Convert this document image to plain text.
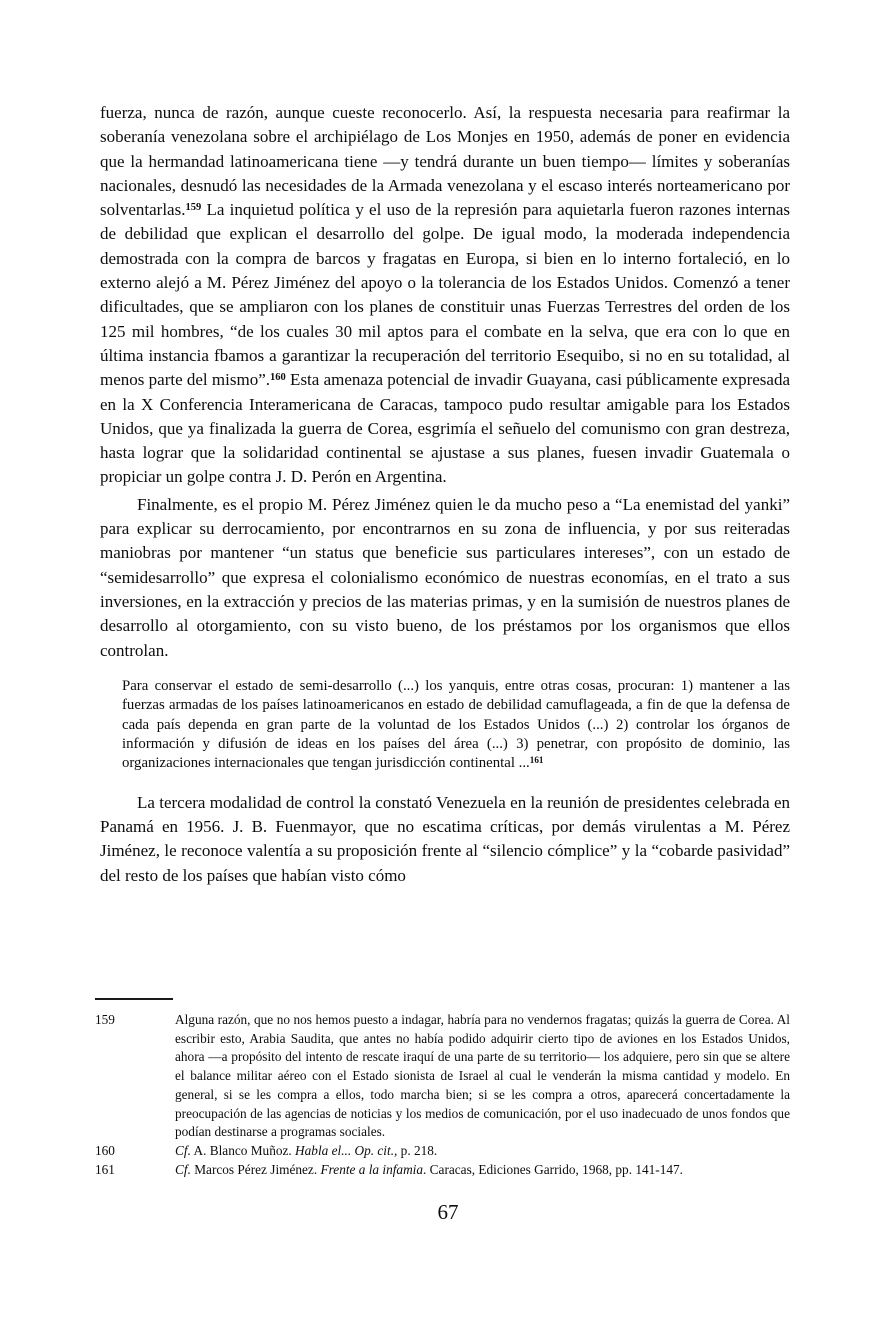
fuerza, nunca de razón, aunque cueste reconocerlo. Así, la respuesta necesaria para reafirmar la soberanía venezolana sobre el archipiélago de Los Monjes en 1950, además de poner en evidencia que la hermandad latinoamericana tiene —y tendrá durante un buen tiempo— límites y soberanías nacionales, desnudó las necesidades de la Armada venezolana y el escaso interés norteamericano por solventarlas.$^{159}$ La inquietud política y el uso de la represión para aquietarla fueron razones internas de debilidad que explican el desarrollo del golpe. De igual modo, la moderada independencia demostrada con la compra de barcos y fragatas en Europa, si bien en lo interno fortaleció, en lo externo alejó a M. Pérez Jiménez del apoyo o la tolerancia de los Estados Unidos. Comenzó a tener dificultades, que se ampliaron con los planes de constituir unas Fuerzas Terrestres del orden de los 125 mil hombres, “de los cuales 30 mil aptos para el combate en la selva, que era con lo que en última instancia fbamos a garantizar la recuperación del territorio Esequibo, si no en su totalidad, al menos parte del mismo”.$^{160}$ Esta amenaza potencial de invadir Guayana, casi públicamente expresada en la X Conferencia Interamericana de Caracas, tampoco pudo resultar amigable para los Estados Unidos, que ya finalizada la guerra de Corea, esgrimía el señuelo del comunismo con gran destreza, hasta lograr que la solidaridad continental se ajustase a sus planes, fuesen invadir Guatemala o propiciar un golpe contra J. D. Perón en Argentina.

Finalmente, es el propio M. Pérez Jiménez quien le da mucho peso a “La enemistad del yanki” para explicar su derrocamiento, por encontrarnos en su zona de influencia, y por sus reiteradas maniobras por mantener “un status que beneficie sus particulares intereses”, con un estado de “semidesarrollo” que expresa el colonialismo económico de nuestras economías, en el trato a sus inversiones, en la extracción y precios de las materias primas, y en la sumisión de nuestros planes de desarrollo al otorgamiento, con su visto bueno, de los préstamos por los organismos que ellos controlan.

Para conservar el estado de semi-desarrollo (...) los yanquis, entre otras cosas, procuran: 1) mantener a las fuerzas armadas de los países latinoamericanos en estado de debilidad camuflageada, a fin de que la defensa de cada país dependa en gran parte de la voluntad de los Estados Unidos (...) 2) controlar los órganos de información y difusión de ideas en los países del área (...) 3) penetrar, con propósito de dominio, las organizaciones internacionales que tengan jurisdicción continental ...$^{161}$

La tercera modalidad de control la constató Venezuela en la reunión de presidentes celebrada en Panamá en 1956. J. B. Fuenmayor, que no escatima críticas, por demás virulentas a M. Pérez Jiménez, le reconoce valentía a su proposición frente al “silencio cómplice” y la “cobarde pasividad” del resto de los países que habían visto cómo

159	Alguna razón, que no nos hemos puesto a indagar, habría para no vendernos fragatas; quizás la guerra de Corea. Al escribir esto, Arabia Saudita, que antes no había podido adquirir cierto tipo de aviones en los Estados Unidos, ahora —a propósito del intento de rescate iraquí de una parte de su territorio— los adquiere, pero sin que se altere el balance militar aéreo con el Estado sionista de Israel al cual le venderán la misma cantidad y modelo. En general, si se les compra a ellos, todo marcha bien; si se les compra a otros, aparecerá concertadamente la preocupación de las agencias de noticias y los medios de comunicación, por el uso inadecuado de unos fondos que podían destinarse a programas sociales.
160	Cf. A. Blanco Muñoz. Habla el... Op. cit., p. 218.
161	Cf. Marcos Pérez Jiménez. Frente a la infamia. Caracas, Ediciones Garrido, 1968, pp. 141-147.
67
